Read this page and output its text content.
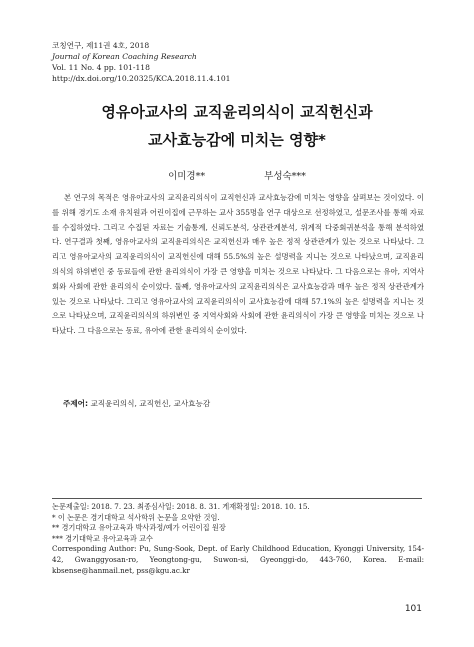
코칭연구, 제11권 4호, 2018
Journal of Korean Coaching Research
Vol. 11 No. 4 pp. 101-118
http://dx.doi.org/10.20325/KCA.2018.11.4.101
영유아교사의 교직윤리의식이 교직헌신과
교사효능감에 미치는 영향*
이미경**	부성숙***

본 연구의 목적은 영유아교사의 교직윤리의식이 교직헌신과 교사효능감에 미치는 영향을 살펴보는 것이었다. 이를 위해 경기도 소재 유치원과 어린이집에 근무하는 교사 355명을 연구 대상으로 선정하였고, 설문조사를 통해 자료를 수집하였다. 그리고 수집된 자료는 기술통계, 신뢰도분석, 상관관계분석, 위계적 다중회귀분석을 통해 분석하였다. 연구결과 첫째, 영유아교사의 교직윤리의식은 교직헌신과 매우 높은 정적 상관관계가 있는 것으로 나타났다. 그리고 영유아교사의 교직윤리의식이 교직헌신에 대해 55.5%의 높은 설명력을 지니는 것으로 나타났으며, 교직윤리의식의 하위변인 중 동료들에 관한 윤리의식이 가장 큰 영향을 미치는 것으로 나타났다. 그 다음으로는 유아, 지역사회와 사회에 관한 윤리의식 순이었다. 둘째, 영유아교사의 교직윤리의식은 교사효능감과 매우 높은 정적 상관관계가 있는 것으로 나타났다. 그리고 영유아교사의 교직윤리의식이 교사효능감에 대해 57.1%의 높은 설명력을 지니는 것으로 나타났으며, 교직윤리의식의 하위변인 중 지역사회와 사회에 관한 윤리의식이 가장 큰 영향을 미치는 것으로 나타났다. 그 다음으로는 동료, 유아에 관한 윤리의식 순이었다.

주제어: 교직윤리의식, 교직헌신, 교사효능감
논문제출일: 2018. 7. 23. 최종심사일: 2018. 8. 31. 게재확정일: 2018. 10. 15.
* 이 논문은 경기대학교 석사학위 논문을 요약한 것임.
** 경기대학교 유아교육과 박사과정/예가 어린이집 원장
*** 경기대학교 유아교육과 교수
Corresponding Author: Pu, Sung-Sook, Dept. of Early Childhood Education, Kyonggi University, 154-42, Gwanggyosan-ro, Yeongtong-gu, Suwon-si, Gyeonggi-do, 443-760, Korea. E-mail: kbsense@hanmail.net, pss@kgu.ac.kr
101
